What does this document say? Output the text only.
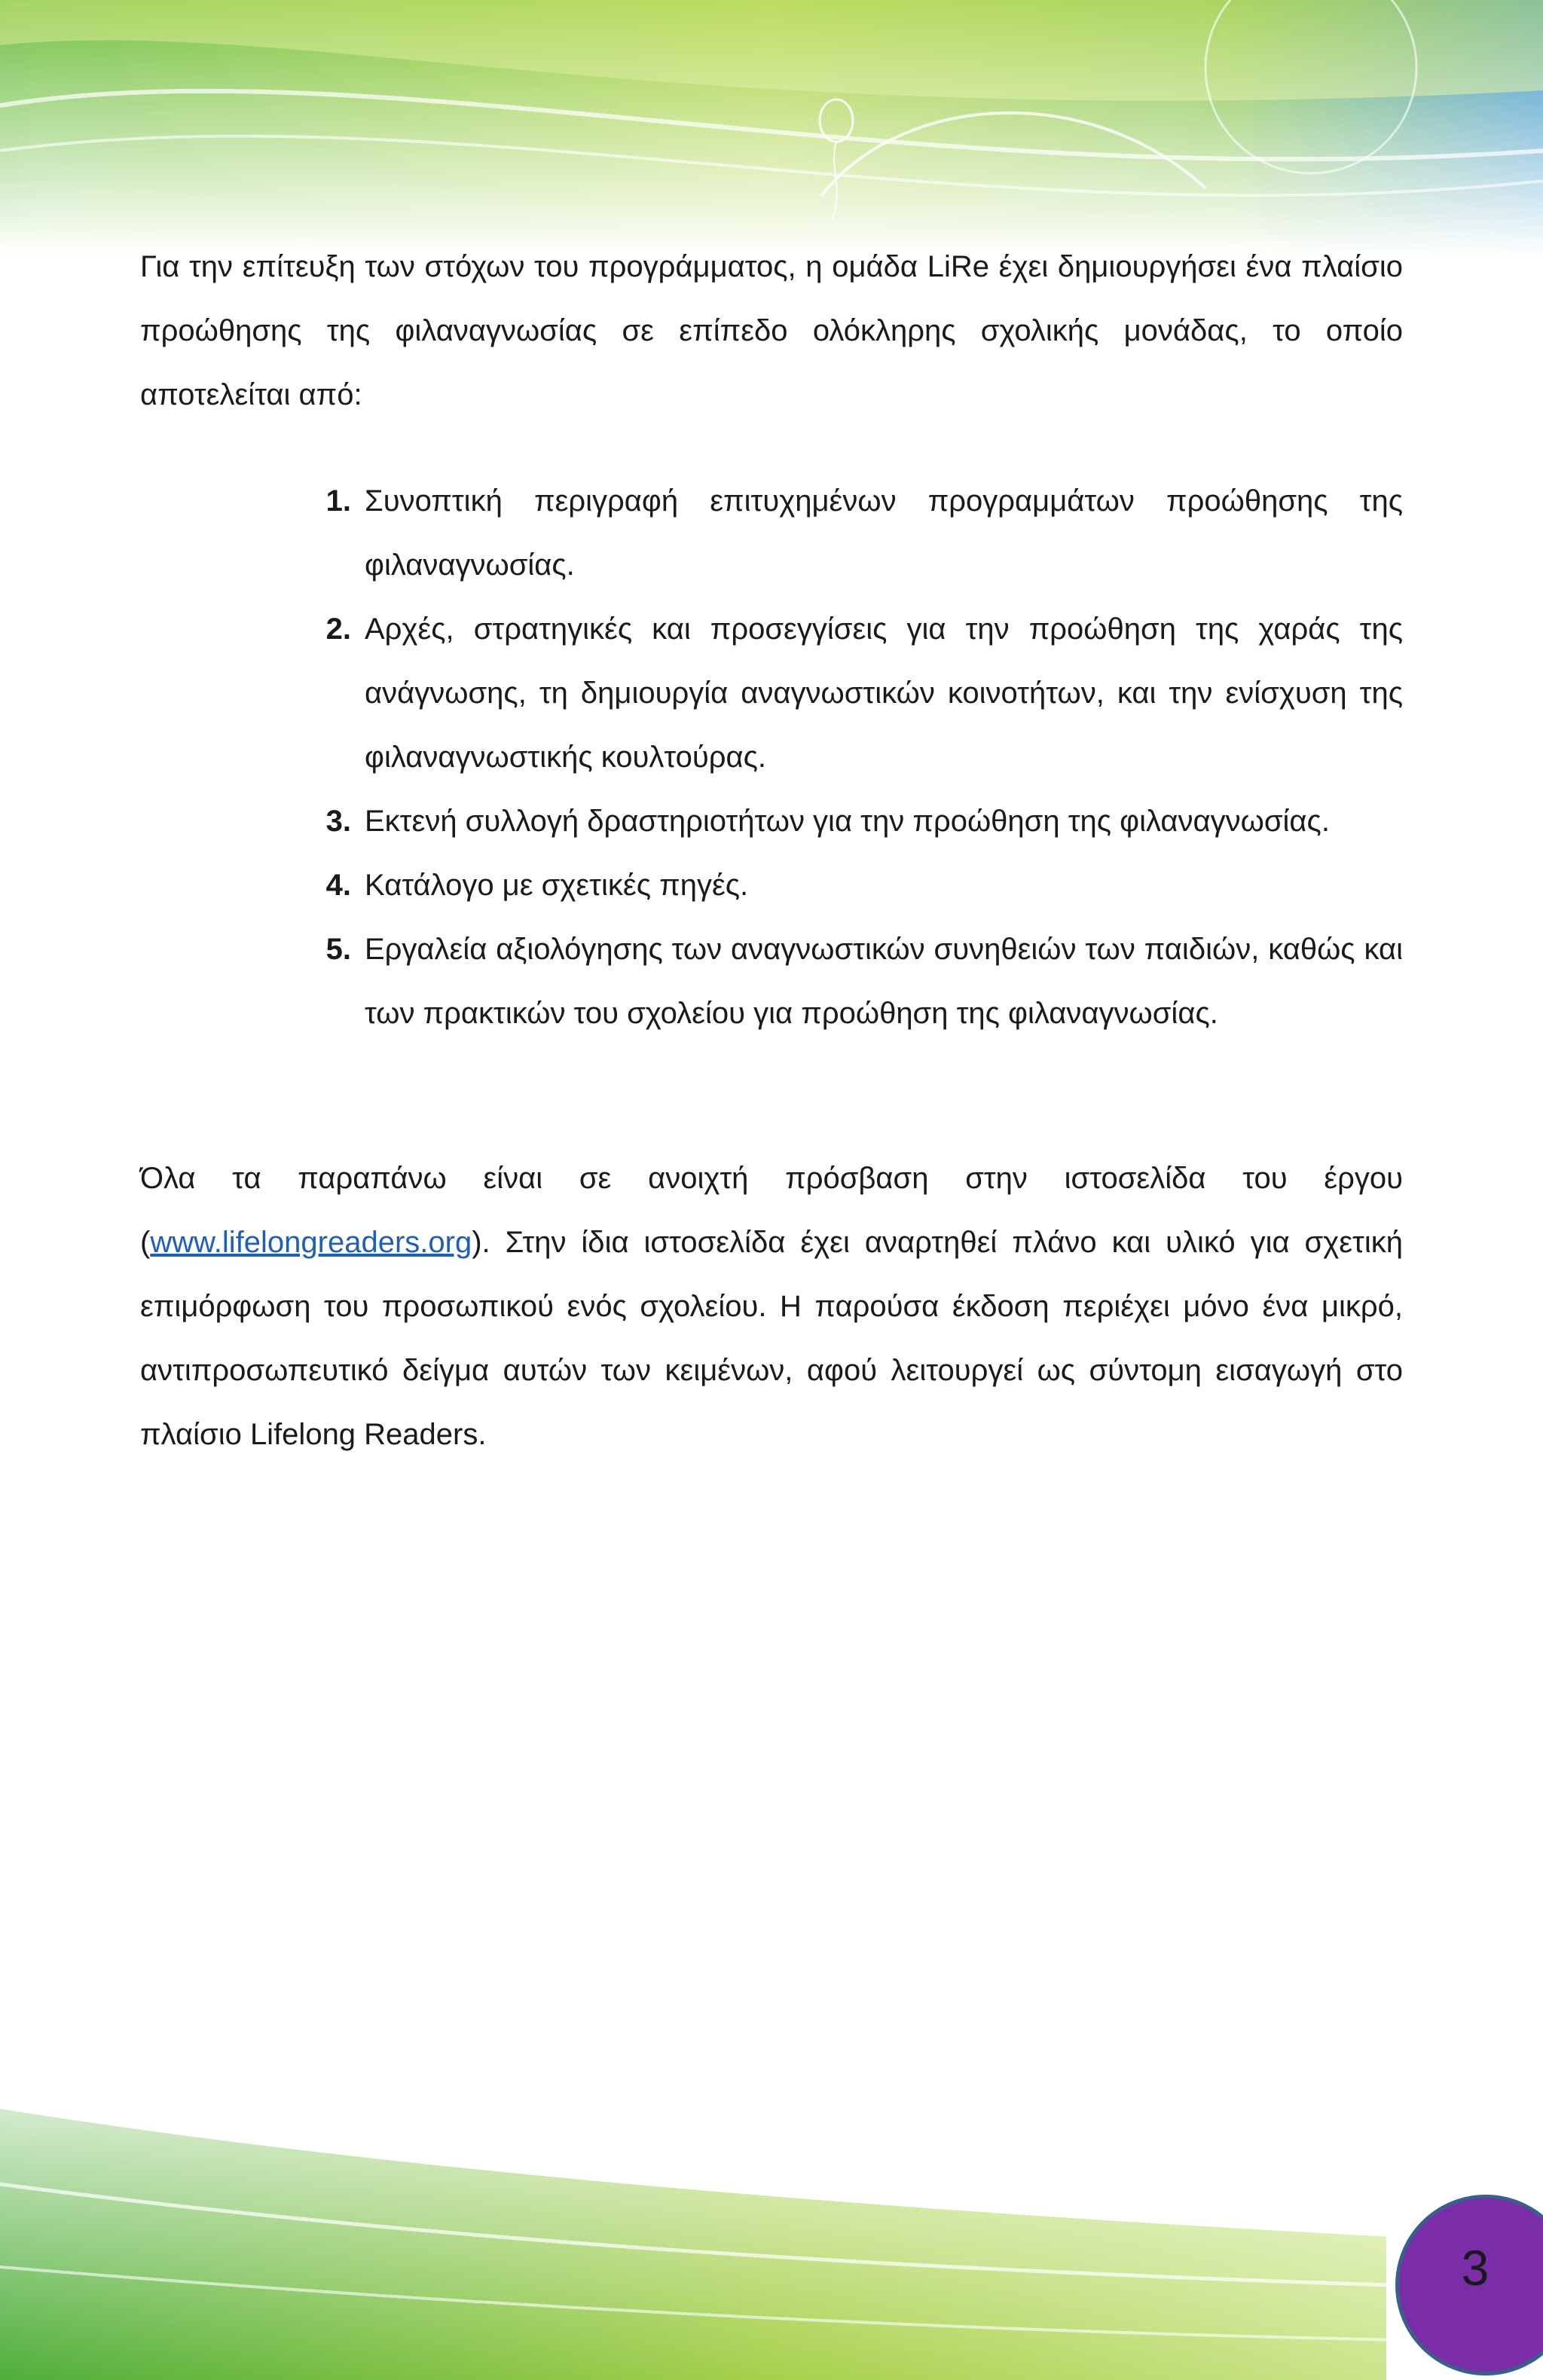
Για την επίτευξη των στόχων του προγράμματος, η ομάδα LiRe έχει δημιουργήσει ένα πλαίσιο προώθησης της φιλαναγνωσίας σε επίπεδο ολόκληρης σχολικής μονάδας, το οποίο αποτελείται από:

1. Συνοπτική περιγραφή επιτυχημένων προγραμμάτων προώθησης της φιλαναγνωσίας.
2. Αρχές, στρατηγικές και προσεγγίσεις για την προώθηση της χαράς της ανάγνωσης, τη δημιουργία αναγνωστικών κοινοτήτων, και την ενίσχυση της φιλαναγνωστικής κουλτούρας.
3. Εκτενή συλλογή δραστηριοτήτων για την προώθηση της φιλαναγνωσίας.
4. Κατάλογο με σχετικές πηγές.
5. Εργαλεία αξιολόγησης των αναγνωστικών συνηθειών των παιδιών, καθώς και των πρακτικών του σχολείου για προώθηση της φιλαναγνωσίας.

Όλα τα παραπάνω είναι σε ανοιχτή πρόσβαση στην ιστοσελίδα του έργου (www.lifelongreaders.org). Στην ίδια ιστοσελίδα έχει αναρτηθεί πλάνο και υλικό για σχετική επιμόρφωση του προσωπικού ενός σχολείου. Η παρούσα έκδοση περιέχει μόνο ένα μικρό, αντιπροσωπευτικό δείγμα αυτών των κειμένων, αφού λειτουργεί ως σύντομη εισαγωγή στο πλαίσιο Lifelong Readers.

3
